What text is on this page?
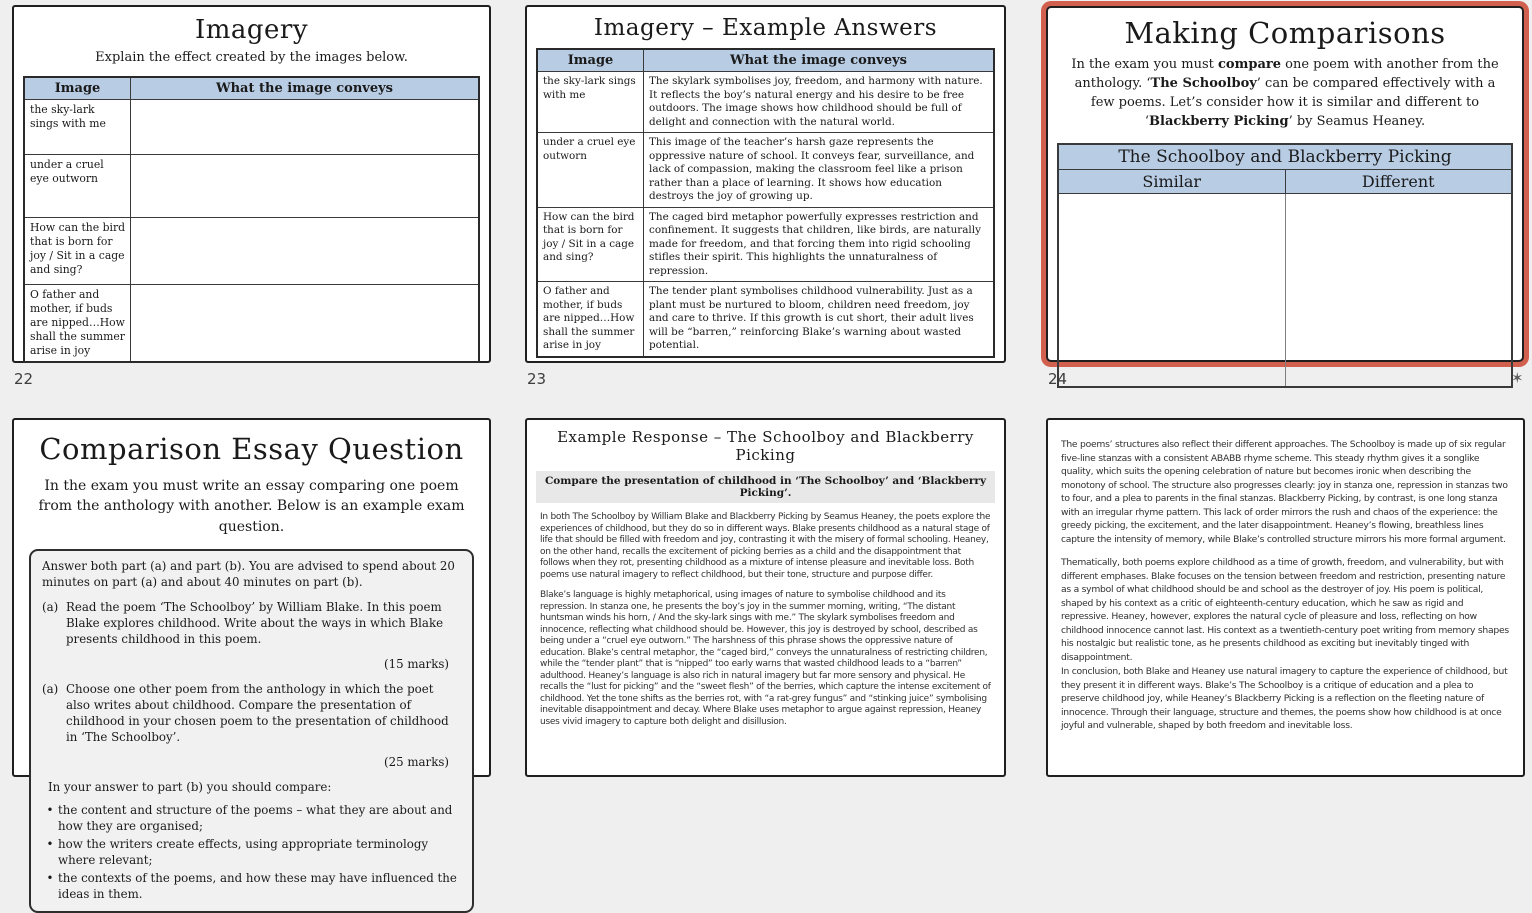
Imagery
Explain the effect created by the images below.
Image	What the image conveys
the sky-lark sings with me	
under a cruel eye outworn	
How can the bird that is born for joy / Sit in a cage and sing?	
O father and mother, if buds are nipped…How shall the summer arise in joy	
22
Imagery – Example Answers
Image	What the image conveys
the sky-lark sings with me	The skylark symbolises joy, freedom, and harmony with nature. It reflects the boy’s natural energy and his desire to be free outdoors. The image shows how childhood should be full of delight and connection with the natural world.
under a cruel eye outworn	This image of the teacher’s harsh gaze represents the oppressive nature of school. It conveys fear, surveillance, and lack of compassion, making the classroom feel like a prison rather than a place of learning. It shows how education destroys the joy of growing up.
How can the bird that is born for joy / Sit in a cage and sing?	The caged bird metaphor powerfully expresses restriction and confinement. It suggests that children, like birds, are naturally made for freedom, and that forcing them into rigid schooling stifles their spirit. This highlights the unnaturalness of repression.
O father and mother, if buds are nipped…How shall the summer arise in joy	The tender plant symbolises childhood vulnerability. Just as a plant must be nurtured to bloom, children need freedom, joy and care to thrive. If this growth is cut short, their adult lives will be “barren,” reinforcing Blake’s warning about wasted potential.
23
Making Comparisons
In the exam you must compare one poem with another from the anthology. ‘The Schoolboy’ can be compared effectively with a few poems. Let’s consider how it is similar and different to ‘Blackberry Picking’ by Seamus Heaney.
The Schoolboy and Blackberry Picking	
Similar	Different

24	✶
Comparison Essay Question
In the exam you must write an essay comparing one poem from the anthology with another. Below is an example exam question.
Answer both part (a) and part (b). You are advised to spend about 20 minutes on part (a) and about 40 minutes on part (b).
(a) Read the poem ‘The Schoolboy’ by William Blake. In this poem Blake explores childhood. Write about the ways in which Blake presents childhood in this poem.
(15 marks)
(a) Choose one other poem from the anthology in which the poet also writes about childhood. Compare the presentation of childhood in your chosen poem to the presentation of childhood in ‘The Schoolboy’.
(25 marks)
In your answer to part (b) you should compare:
• the content and structure of the poems – what they are about and how they are organised;
• how the writers create effects, using appropriate terminology where relevant;
• the contexts of the poems, and how these may have influenced the ideas in them.
Example Response – The Schoolboy and Blackberry Picking
Compare the presentation of childhood in ‘The Schoolboy’ and ‘Blackberry Picking’.

In both The Schoolboy by William Blake and Blackberry Picking by Seamus Heaney, the poets explore the experiences of childhood, but they do so in different ways. Blake presents childhood as a natural stage of life that should be filled with freedom and joy, contrasting it with the misery of formal schooling. Heaney, on the other hand, recalls the excitement of picking berries as a child and the disappointment that follows when they rot, presenting childhood as a mixture of intense pleasure and inevitable loss. Both poems use natural imagery to reflect childhood, but their tone, structure and purpose differ.

Blake’s language is highly metaphorical, using images of nature to symbolise childhood and its repression. In stanza one, he presents the boy’s joy in the summer morning, writing, “The distant huntsman winds his horn, / And the sky-lark sings with me.” The skylark symbolises freedom and innocence, reflecting what childhood should be. However, this joy is destroyed by school, described as being under a “cruel eye outworn.” The harshness of this phrase shows the oppressive nature of education. Blake’s central metaphor, the “caged bird,” conveys the unnaturalness of restricting children, while the “tender plant” that is “nipped” too early warns that wasted childhood leads to a “barren” adulthood. Heaney’s language is also rich in natural imagery but far more sensory and physical. He recalls the “lust for picking” and the “sweet flesh” of the berries, which capture the intense excitement of childhood. Yet the tone shifts as the berries rot, with “a rat-grey fungus” and “stinking juice” symbolising inevitable disappointment and decay. Where Blake uses metaphor to argue against repression, Heaney uses vivid imagery to capture both delight and disillusion.

The poems’ structures also reflect their different approaches. The Schoolboy is made up of six regular five-line stanzas with a consistent ABABB rhyme scheme. This steady rhythm gives it a songlike quality, which suits the opening celebration of nature but becomes ironic when describing the monotony of school. The structure also progresses clearly: joy in stanza one, repression in stanzas two to four, and a plea to parents in the final stanzas. Blackberry Picking, by contrast, is one long stanza with an irregular rhyme pattern. This lack of order mirrors the rush and chaos of the experience: the greedy picking, the excitement, and the later disappointment. Heaney’s flowing, breathless lines capture the intensity of memory, while Blake’s controlled structure mirrors his more formal argument.

Thematically, both poems explore childhood as a time of growth, freedom, and vulnerability, but with different emphases. Blake focuses on the tension between freedom and restriction, presenting nature as a symbol of what childhood should be and school as the destroyer of joy. His poem is political, shaped by his context as a critic of eighteenth-century education, which he saw as rigid and repressive. Heaney, however, explores the natural cycle of pleasure and loss, reflecting on how childhood innocence cannot last. His context as a twentieth-century poet writing from memory shapes his nostalgic but realistic tone, as he presents childhood as exciting but inevitably tinged with disappointment.

In conclusion, both Blake and Heaney use natural imagery to capture the experience of childhood, but they present it in different ways. Blake’s The Schoolboy is a critique of education and a plea to preserve childhood joy, while Heaney’s Blackberry Picking is a reflection on the fleeting nature of innocence. Through their language, structure and themes, the poems show how childhood is at once joyful and vulnerable, shaped by both freedom and inevitable loss.
